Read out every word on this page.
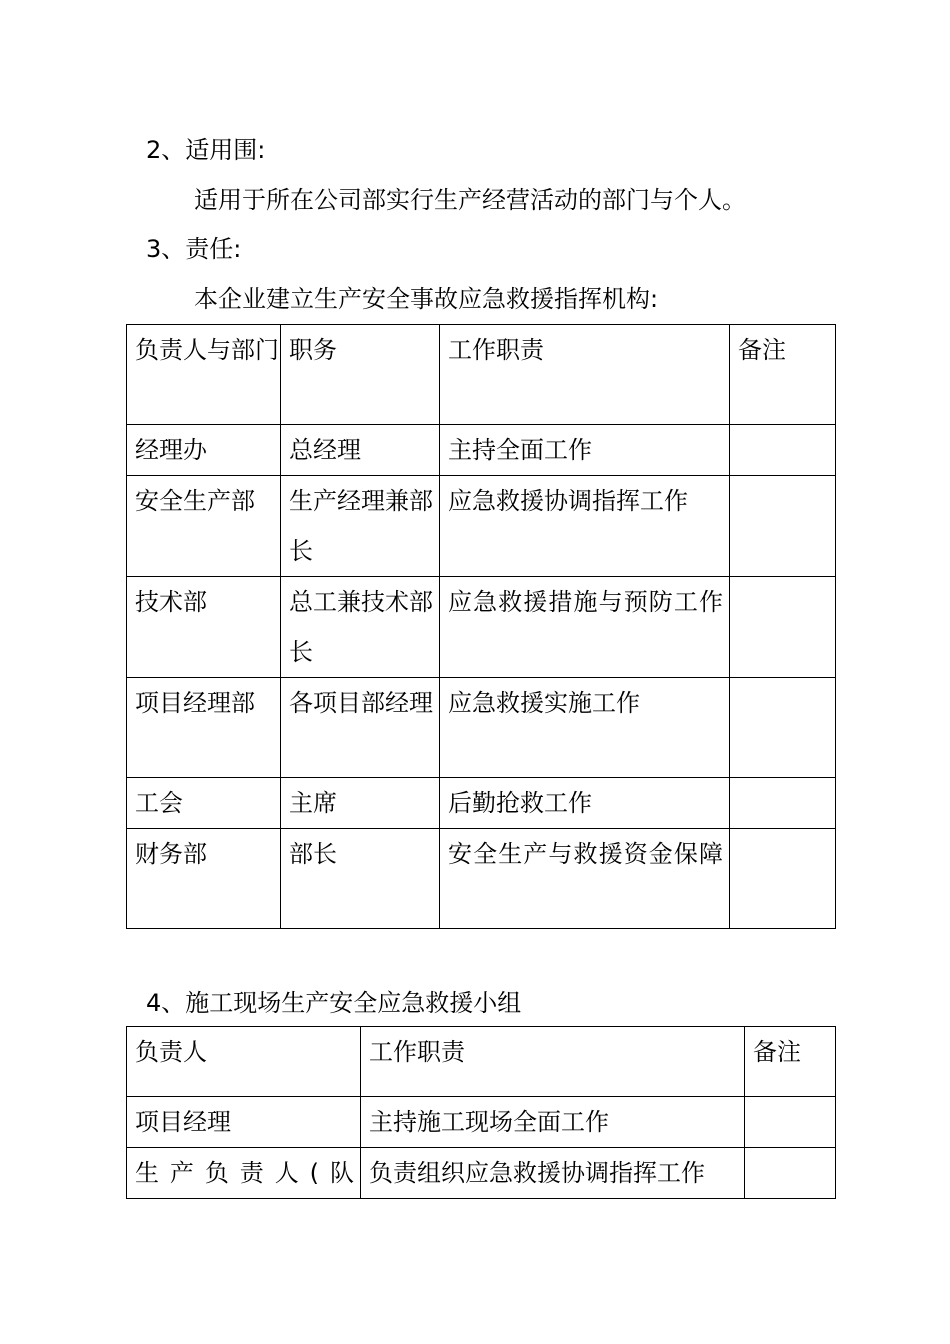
2、适用围:
适用于所在公司部实行生产经营活动的部门与个人。
3、责任:
本企业建立生产安全事故应急救援指挥机构:
负责人与部门	职务	工作职责	备注
经理办	总经理	主持全面工作	
安全生产部	生产经理兼部长	应急救援协调指挥工作	
技术部	总工兼技术部长	应急救援措施与预防工作	
项目经理部	各项目部经理	应急救援实施工作	
工会	主席	后勤抢救工作	
财务部	部长	安全生产与救援资金保障	
4、施工现场生产安全应急救援小组
负责人	工作职责	备注
项目经理	主持施工现场全面工作	
生产负责人(队	负责组织应急救援协调指挥工作	
